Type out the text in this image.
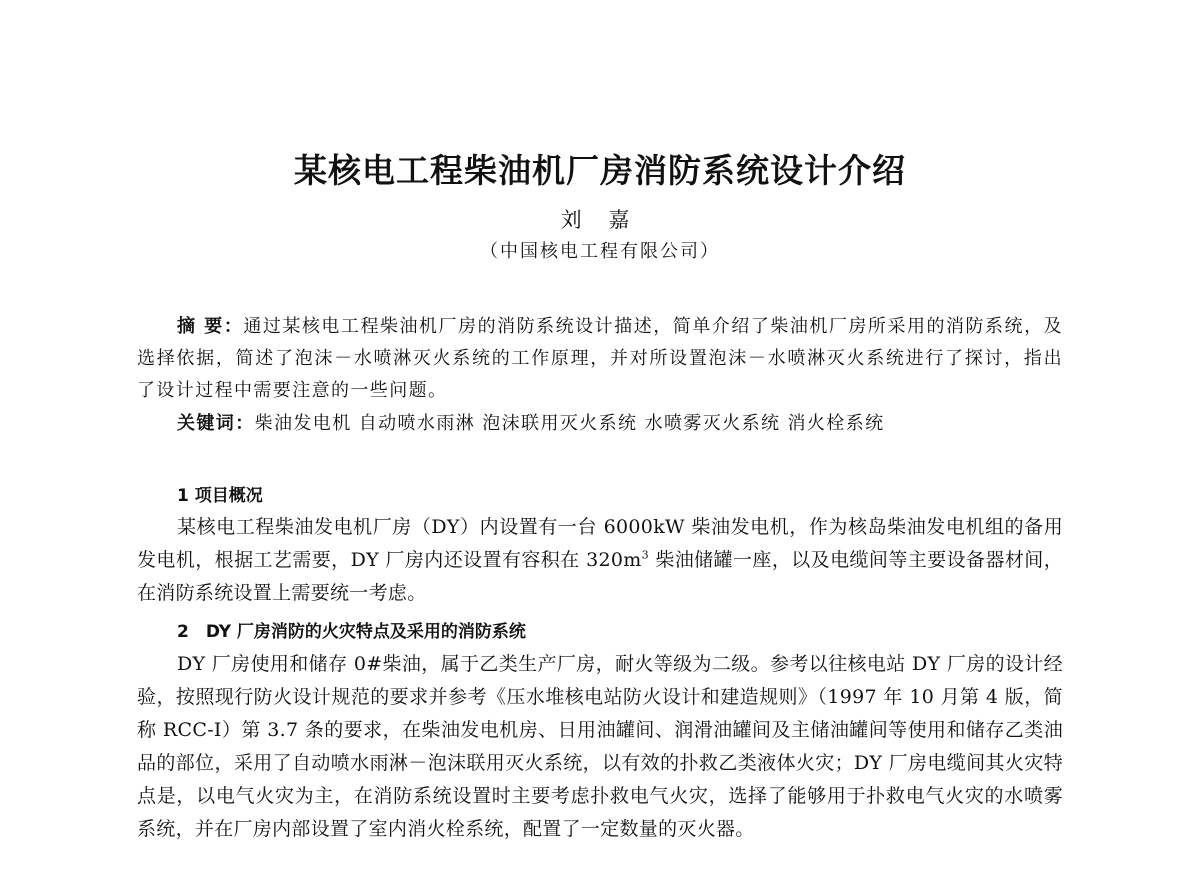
某核电工程柴油机厂房消防系统设计介绍
刘 嘉
（中国核电工程有限公司）
摘 要：通过某核电工程柴油机厂房的消防系统设计描述，简单介绍了柴油机厂房所采用的消防系统，及选择依据，简述了泡沫－水喷淋灭火系统的工作原理，并对所设置泡沫－水喷淋灭火系统进行了探讨，指出了设计过程中需要注意的一些问题。
关键词：柴油发电机 自动喷水雨淋 泡沫联用灭火系统 水喷雾灭火系统 消火栓系统
1 项目概况
某核电工程柴油发电机厂房（DY）内设置有一台 6000kW 柴油发电机，作为核岛柴油发电机组的备用发电机，根据工艺需要，DY 厂房内还设置有容积在 $320m^3$ 柴油储罐一座，以及电缆间等主要设备器材间，在消防系统设置上需要统一考虑。
2　DY 厂房消防的火灾特点及采用的消防系统
DY 厂房使用和储存 0#柴油，属于乙类生产厂房，耐火等级为二级。参考以往核电站 DY 厂房的设计经验，按照现行防火设计规范的要求并参考《压水堆核电站防火设计和建造规则》（1997 年 10 月第 4 版，简称 RCC-I）第 3.7 条的要求，在柴油发电机房、日用油罐间、润滑油罐间及主储油罐间等使用和储存乙类油品的部位，采用了自动喷水雨淋－泡沫联用灭火系统，以有效的扑救乙类液体火灾；DY 厂房电缆间其火灾特点是，以电气火灾为主，在消防系统设置时主要考虑扑救电气火灾，选择了能够用于扑救电气火灾的水喷雾系统，并在厂房内部设置了室内消火栓系统，配置了一定数量的灭火器。
